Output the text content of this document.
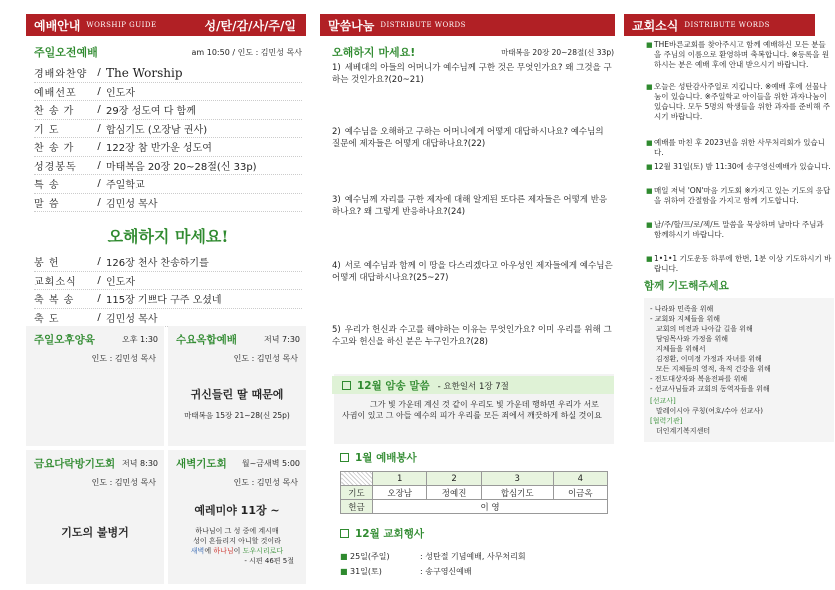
예배안내 WORSHIP GUIDE	성/탄/감/사/주/일
주일오전예배	am 10:50 / 인도 : 김민성 목사
경배와찬양	/ The Worship
예배선포	/ 인도자
찬 송 가	/ 29장 성도여 다 함께
기 도	/ 합심기도 (오장남 권사)
찬 송 가	/ 122장 참 반가운 성도여
성경봉독	/ 마태복음 20장 20~28절(신 33p)
특 송	/ 주일학교
말 씀	/ 김민성 목사
오해하지 마세요!
봉 헌	/ 126장 천사 찬송하기를
교회소식	/ 인도자
축 복 송	/ 115장 기쁘다 구주 오셨네
축 도	/ 김민성 목사
주일오후양육	오후 1:30
인도 : 김민성 목사
수요옥합예배	저녁 7:30
인도 : 김민성 목사
귀신들린 딸 때문에
마태복음 15장 21~28(신 25p)
금요다락방기도회 저녁 8:30
인도 : 김민성 목사
기도의 불병거
새벽기도회	월~금새벽 5:00
인도 : 김민성 목사
예레미야 11장 ~
하나님이 그 성 중에 계시매
성이 흔들리지 아니할 것이라
새벽에 하나님이 도우시리로다
- 시편 46편 5절
말씀나눔 DISTRIBUTE WORDS
오해하지 마세요!	마태복음 20장 20~28절(신 33p)
1) 세베대의 아들의 어머니가 예수님께 구한 것은 무엇인가요? 왜 그것을 구하는 것인가요?(20~21)
2) 예수님을 오해하고 구하는 어머니에게 어떻게 대답하시나요? 예수님의 질문에 제자들은 어떻게 대답하나요?(22)
3) 예수님께 자리를 구한 제자에 대해 알게된 또다른 제자들은 어떻게 반응하나요? 왜 그렇게 반응하나요?(24)
4) 서로 예수님과 함께 이 땅을 다스리겠다고 아우성인 제자들에게 예수님은 어떻게 대답하시나요?(25~27)
5) 우리가 헌신과 수고를 해야하는 이유는 무엇인가요? 이미 우리를 위해 그 수고와 헌신을 하신 분은 누구인가요?(28)
12월 암송 말씀 - 요한일서 1장 7절
그가 빛 가운데 계신 것 같이 우리도 빛 가운데 행하면 우리가 서로 사귐이 있고 그 아들 예수의 피가 우리를 모든 죄에서 깨끗하게 하실 것이요
1월 예배봉사
	1	2	3	4
기도	오장남	정예진	합심기도	이금옥
헌금	이 영			
12월 교회행사
■ 25일(주일)	: 성탄절 기념예배, 사무처리회
■ 31일(토)	: 송구영신예배
교회소식 DISTRIBUTE WORDS
■ THE바른교회를 찾아주시고 함께 예배하신 모든 분들을 주님의 이름으로 환영하며 축복합니다. ※등록을 원하시는 분은 예배 후에 안내 받으시기 바랍니다.
■ 오늘은 성탄감사주일로 지킵니다. ※예배 후에 선물나눔이 있습니다. ※주일학교 아이들을 위한 과자나눔이 있습니다. 모두 5명의 학생들을 위한 과자를 준비해 주시기 바랍니다.
■ 예배를 마친 후 2023년을 위한 사무처리회가 있습니다.
■ 12월 31일(토) 밤 11:30에 송구영신예배가 있습니다.
■ 매일 저녁 'ON'마음 기도회 ※가지고 있는 기도의 응답을 위하여 간절함을 가지고 함께 기도합니다.
■ 날/주/할/프/로/젝/트 말씀을 묵상하며 날마다 주님과 함께하시기 바랍니다.
■ 1•1•1 기도운동 하루에 한번, 1분 이상 기도하시기 바랍니다.
함께 기도해주세요
- 나라와 민족을 위해
- 교회와 지체들을 위해
교회의 비전과 나아갈 길을 위해
담임목사와 가정을 위해
지체들을 위해서
김정환, 이미정 가정과 자녀를 위해
모든 지체들의 영적, 육적 건강을 위해
- 전도대상자와 복음전파를 위해
- 선교사님들과 교회의 동역자들을 위해
[선교사]
말레이시아 쿠칭(여호/수아 선교사)
[협력기관]
더인계기복지센터
